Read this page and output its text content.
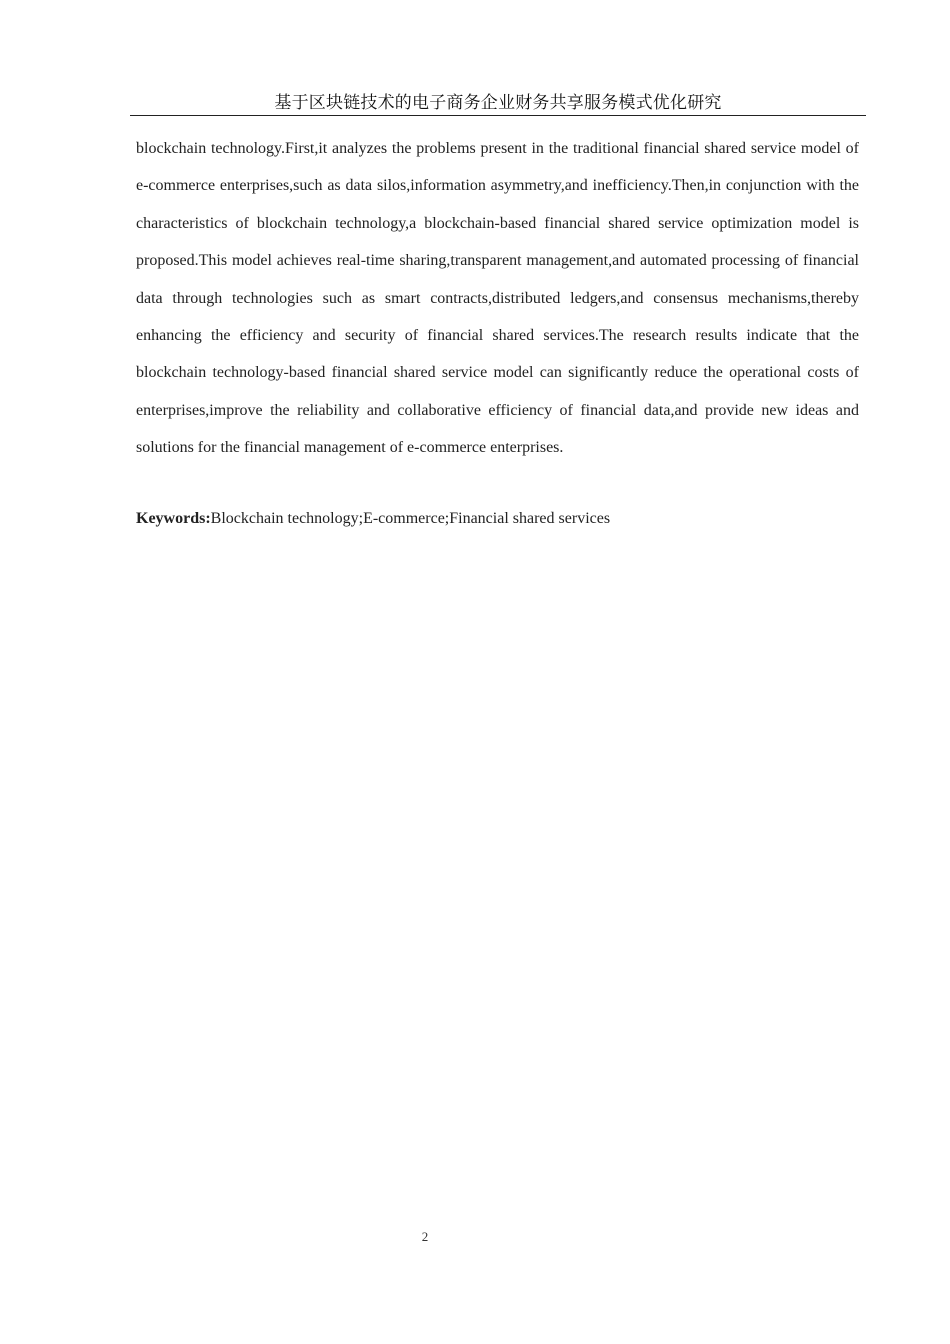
基于区块链技术的电子商务企业财务共享服务模式优化研究

blockchain technology.First,it analyzes the problems present in the traditional financial shared service model of e-commerce enterprises,such as data silos,information asymmetry,and inefficiency.Then,in conjunction with the characteristics of blockchain technology,a blockchain-based financial shared service optimization model is proposed.This model achieves real-time sharing,transparent management,and automated processing of financial data through technologies such as smart contracts,distributed ledgers,and consensus mechanisms,thereby enhancing the efficiency and security of financial shared services.The research results indicate that the blockchain technology-based financial shared service model can significantly reduce the operational costs of enterprises,improve the reliability and collaborative efficiency of financial data,and provide new ideas and solutions for the financial management of e-commerce enterprises.

Keywords:Blockchain technology;E-commerce;Financial shared services

2
